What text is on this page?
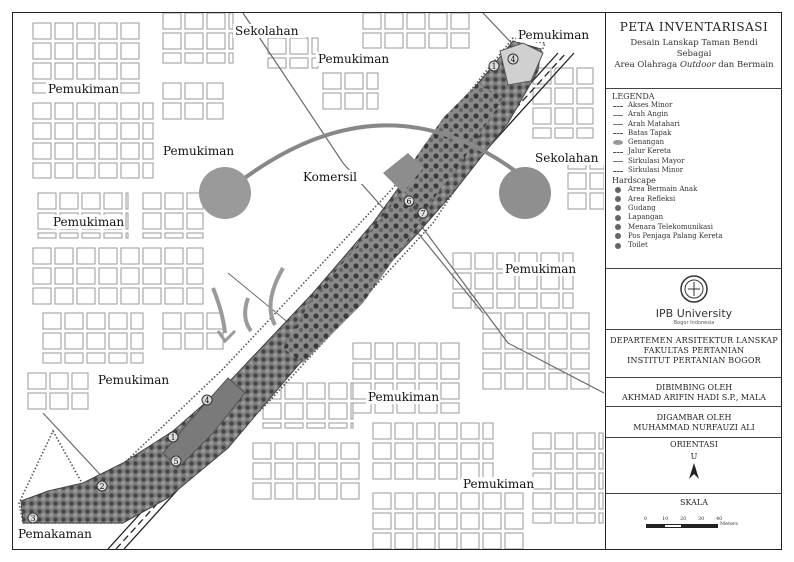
1
4
6
7
4
1
5
2
3
Sekolahan
Pemukiman
Pemukiman
Pemukiman
Pemukiman
Komersil
Sekolahan
Pemukiman
Pemukiman
Pemukiman
Pemukiman
Pemukiman
Pemakaman
PETA INVENTARISASI
Desain Lanskap Taman Bendi Sebagai
Area Olahraga Outdoor dan Bermain
LEGENDA
Akses Minor
Arah Angin
Arah Matahari
Batas Tapak
Genangan
Jalur Kereta
Sirkulasi Mayor
Sirkulasi Minor
Hardscape
Area Bermain Anak
Area Refleksi
Gudang
Lapangan
Menara Telekomunikasi
Pos Penjaga Palang Kereta
Toilet
IPB University
Bogor Indonesia
DEPARTEMEN ARSITEKTUR LANSKAP
FAKULTAS PERTANIAN
INSTITUT PERTANIAN BOGOR
DIBIMBING OLEH
AKHMAD ARIFIN HADI S.P., MALA
DIGAMBAR OLEH
MUHAMMAD NURFAUZI ALI
ORIENTASI
U
SKALA
0	10 20 30 40
Meters
